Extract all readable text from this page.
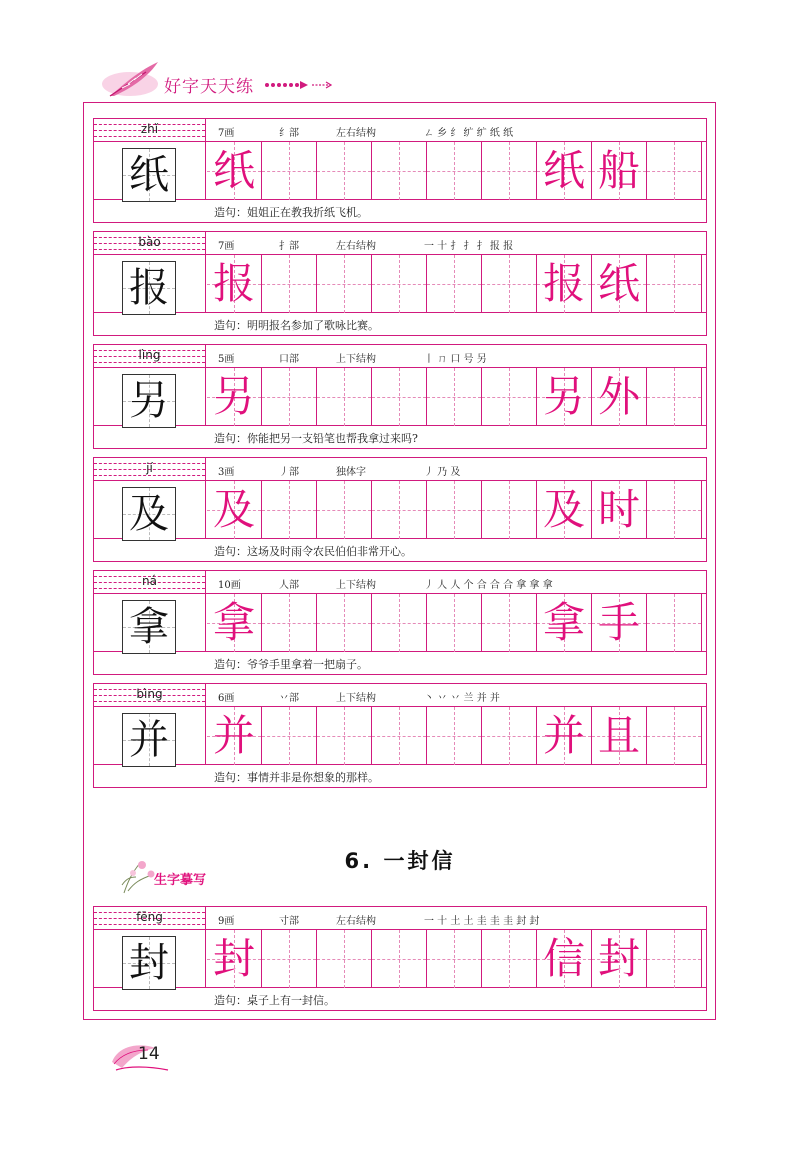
好字天天练
zhǐ	7画	纟部	左右结构	ㄥ 乡 纟 纩 纩 纸 纸
纸 纸	纸 船
造句：姐姐正在教我折纸飞机。
bào	7画	扌部	左右结构	一 十 扌 扌 扌 报 报
报 报	报 纸
造句：明明报名参加了歌咏比赛。
lìng	5画	口部	上下结构	丨 ㄇ 口 号 另
另 另	另 外
造句：你能把另一支铅笔也帮我拿过来吗?
jí	3画	丿部	独体字	丿 乃 及
及 及	及 时
造句：这场及时雨令农民伯伯非常开心。
ná	10画	人部	上下结构	丿 人 人 个 合 合 合 拿 拿 拿
拿 拿	拿 手
造句：爷爷手里拿着一把扇子。
bìng	6画	丷部	上下结构	丶 丷 丷 兰 并 并
并 并	并 且
造句：事情并非是你想象的那样。
fēng	9画	寸部	左右结构	一 十 土 土 圭 圭 圭 封 封
封 封	信 封
造句：桌子上有一封信。
6. 一封信
生字摹写
14
